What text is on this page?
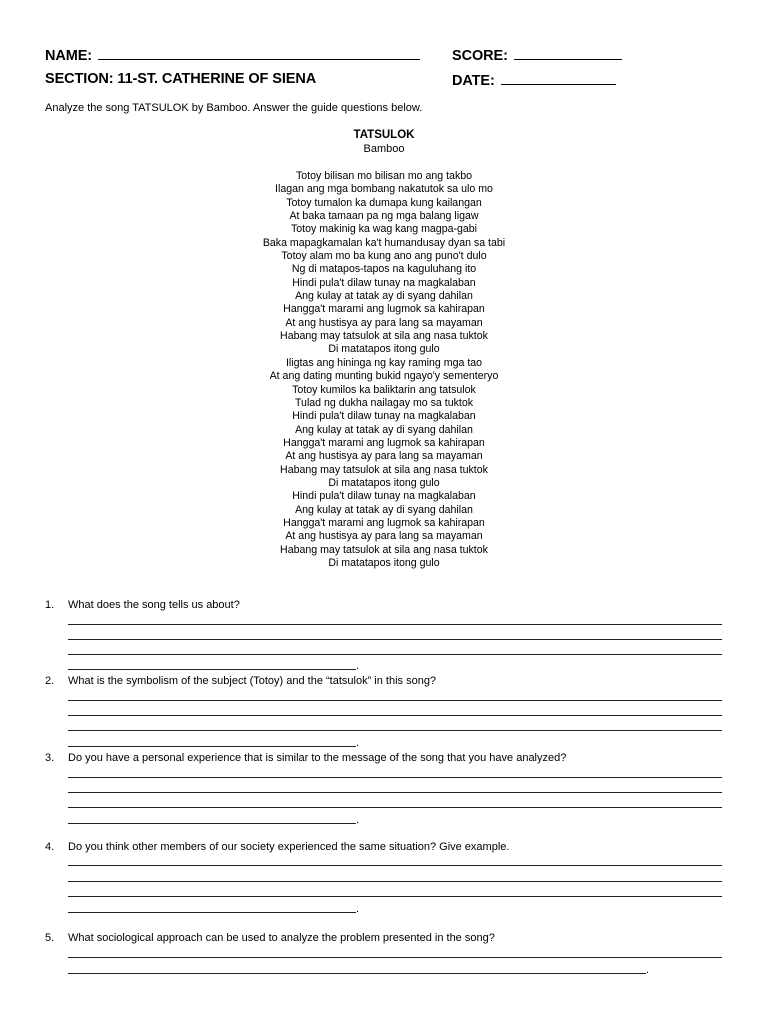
NAME:	SCORE:
SECTION: 11-ST. CATHERINE OF SIENA	DATE:
Analyze the song TATSULOK by Bamboo. Answer the guide questions below.
TATSULOK
Bamboo
Totoy bilisan mo bilisan mo ang takbo
Ilagan ang mga bombang nakatutok sa ulo mo
Totoy tumalon ka dumapa kung kailangan
At baka tamaan pa ng mga balang ligaw
Totoy makinig ka wag kang magpa-gabi
Baka mapagkamalan ka't humandusay dyan sa tabi
Totoy alam mo ba kung ano ang puno't dulo
Ng di matapos-tapos na kaguluhang ito
Hindi pula't dilaw tunay na magkalaban
Ang kulay at tatak ay di syang dahilan
Hangga't marami ang lugmok sa kahirapan
At ang hustisya ay para lang sa mayaman
Habang may tatsulok at sila ang nasa tuktok
Di matatapos itong gulo
Iligtas ang hininga ng kay raming mga tao
At ang dating munting bukid ngayo'y sementeryo
Totoy kumilos ka baliktarin ang tatsulok
Tulad ng dukha nailagay mo sa tuktok
Hindi pula't dilaw tunay na magkalaban
Ang kulay at tatak ay di syang dahilan
Hangga't marami ang lugmok sa kahirapan
At ang hustisya ay para lang sa mayaman
Habang may tatsulok at sila ang nasa tuktok
Di matatapos itong gulo
Hindi pula't dilaw tunay na magkalaban
Ang kulay at tatak ay di syang dahilan
Hangga't marami ang lugmok sa kahirapan
At ang hustisya ay para lang sa mayaman
Habang may tatsulok at sila ang nasa tuktok
Di matatapos itong gulo
1. What does the song tells us about?
2. What is the symbolism of the subject (Totoy) and the “tatsulok” in this song?
3. Do you have a personal experience that is similar to the message of the song that you have analyzed?
4. Do you think other members of our society experienced the same situation? Give example.
5. What sociological approach can be used to analyze the problem presented in the song?
.
.
.
.
.
